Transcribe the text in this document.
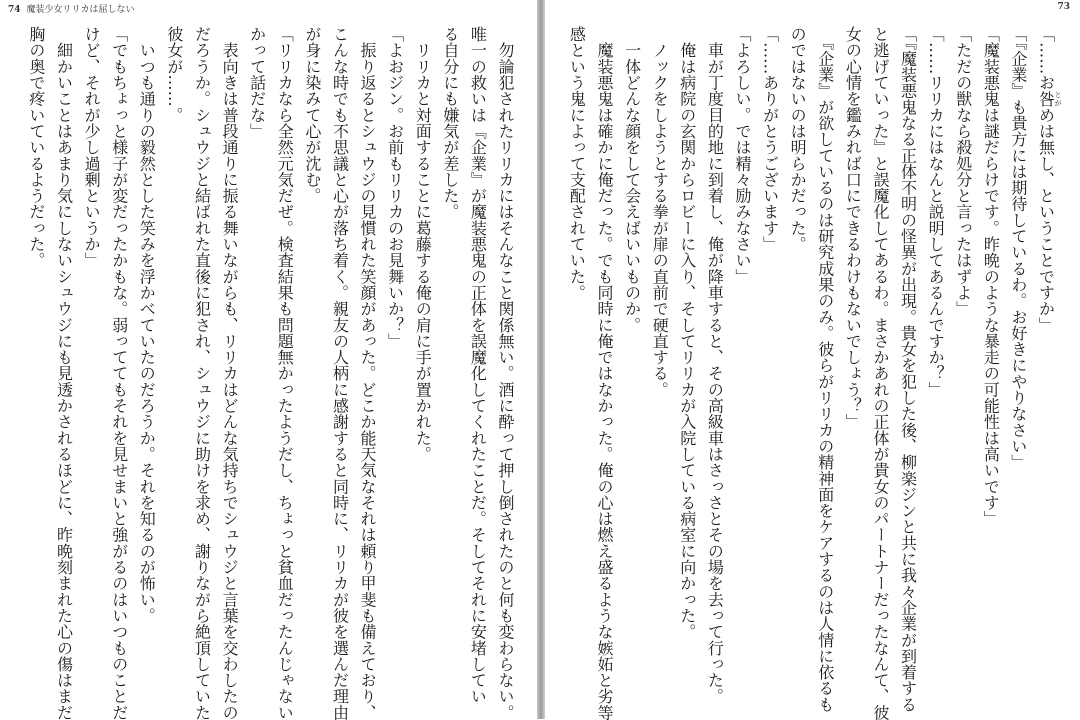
74 魔装少女リリカは屈しない

　勿論犯されたリリカにはそんなこと関係無い。酒に酔って押し倒されたのと何も変わらない。

唯一の救いは『企業』が魔装悪鬼の正体を誤魔化してくれたことだ。そしてそれに安堵してい

る自分にも嫌気が差した。

　リリカと対面することに葛藤する俺の肩に手が置かれた。

「よおジン。お前もリリカのお見舞いか？」

　振り返るとシュウジの見慣れた笑顔があった。どこか能天気なそれは頼り甲斐も備えており、

こんな時でも不思議と心が落ち着く。親友の人柄に感謝すると同時に、リリカが彼を選んだ理由

が身に染みて心が沈む。

「リリカなら全然元気だぜ。検査結果も問題無かったようだし、ちょっと貧血だったんじゃない

かって話だな」

　表向きは普段通りに振る舞いながらも、リリカはどんな気持ちでシュウジと言葉を交わしたの

だろうか。シュウジと結ばれた直後に犯され、シュウジに助けを求め、謝りながら絶頂していた

彼女が……。

　いつも通りの毅然とした笑みを浮かべていたのだろうか。それを知るのが怖い。

「でもちょっと様子が変だったかもな。弱っててもそれを見せまいと強がるのはいつものことだ

けど、それが少し過剰というか」

　細かいことはあまり気にしないシュウジにも見透かされるほどに、昨晩刻まれた心の傷はまだ

胸の奥で疼いているようだった。

73

「……お咎とがめは無し、ということですか」

「『企業』も貴方には期待しているわ。お好きにやりなさい」

「魔装悪鬼は謎だらけです。昨晩のような暴走の可能性は高いです」

「ただの獣なら殺処分と言ったはずよ」

「……リリカにはなんと説明してあるんですか？」

「『魔装悪鬼なる正体不明の怪異が出現。貴女を犯した後、柳楽ジンと共に我々企業が到着する

と逃げていった』と誤魔化してあるわ。まさかあれの正体が貴女のパートナーだったなんて、彼

女の心情を鑑みれば口にできるわけもないでしょう？」

　『企業』が欲しているのは研究成果のみ。彼らがリリカの精神面をケアするのは人情に依るも

のではないのは明らかだった。

「……ありがとうございます」

「よろしい。では精々励みなさい」

　車が丁度目的地に到着し、俺が降車すると、その高級車はさっさとその場を去って行った。

　俺は病院の玄関からロビーに入り、そしてリリカが入院している病室に向かった。

　ノックをしようとする拳が扉の直前で硬直する。

　一体どんな顔をして会えばいいものか。

　魔装悪鬼は確かに俺だった。でも同時に俺ではなかった。俺の心は燃え盛るような嫉妬と劣等

感という鬼によって支配されていた。
